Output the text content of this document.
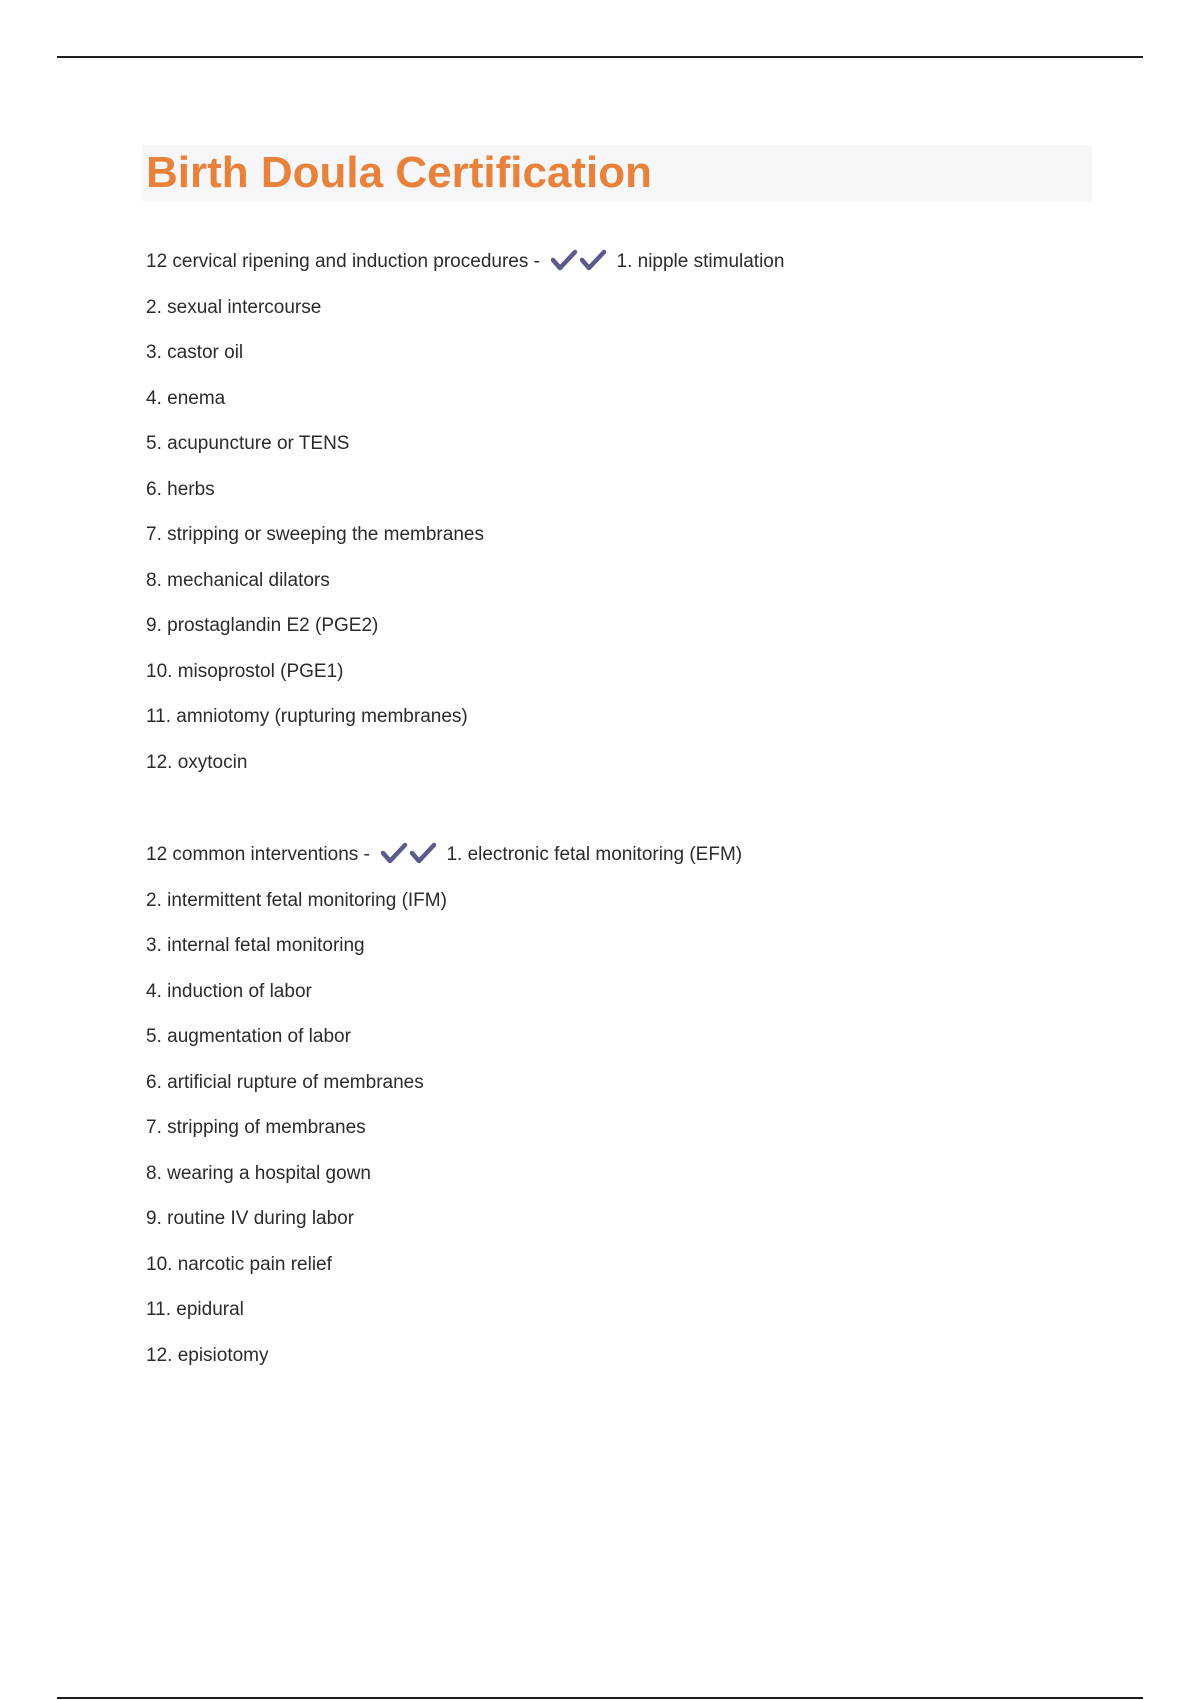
Birth Doula Certification
12 cervical ripening and induction procedures -	1. nipple stimulation
2. sexual intercourse
3. castor oil
4. enema
5. acupuncture or TENS
6. herbs
7. stripping or sweeping the membranes
8. mechanical dilators
9. prostaglandin E2 (PGE2)
10. misoprostol (PGE1)
11. amniotomy (rupturing membranes)
12. oxytocin
12 common interventions -	1. electronic fetal monitoring (EFM)
2. intermittent fetal monitoring (IFM)
3. internal fetal monitoring
4. induction of labor
5. augmentation of labor
6. artificial rupture of membranes
7. stripping of membranes
8. wearing a hospital gown
9. routine IV during labor
10. narcotic pain relief
11. epidural
12. episiotomy
